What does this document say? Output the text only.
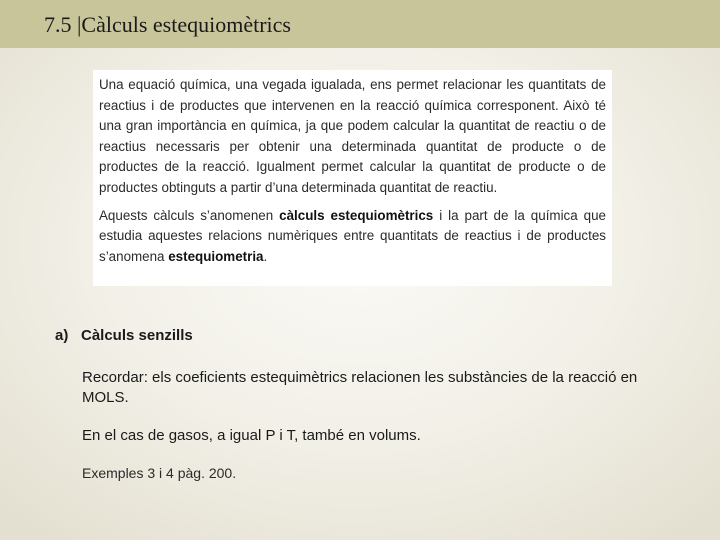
7.5 |Càlculs estequiomètrics

Una equació química, una vegada igualada, ens permet relacionar les quantitats de reactius i de productes que intervenen en la reacció química corresponent. Això té una gran importància en química, ja que podem calcular la quantitat de reactiu o de reactius necessaris per obtenir una determinada quantitat de producte o de productes de la reacció. Igualment permet calcular la quantitat de producte o de productes obtinguts a partir d’una determinada quantitat de reactiu.

Aquests càlculs s’anomenen càlculs estequiomètrics i la part de la química que estudia aquestes relacions numèriques entre quantitats de reactius i de productes s’anomena estequiometria.

a) Càlculs senzills
Recordar: els coeficients estequimètrics relacionen les substàncies de la reacció en MOLS.
En el cas de gasos, a igual P i T, també en volums.
Exemples 3 i 4 pàg. 200.
